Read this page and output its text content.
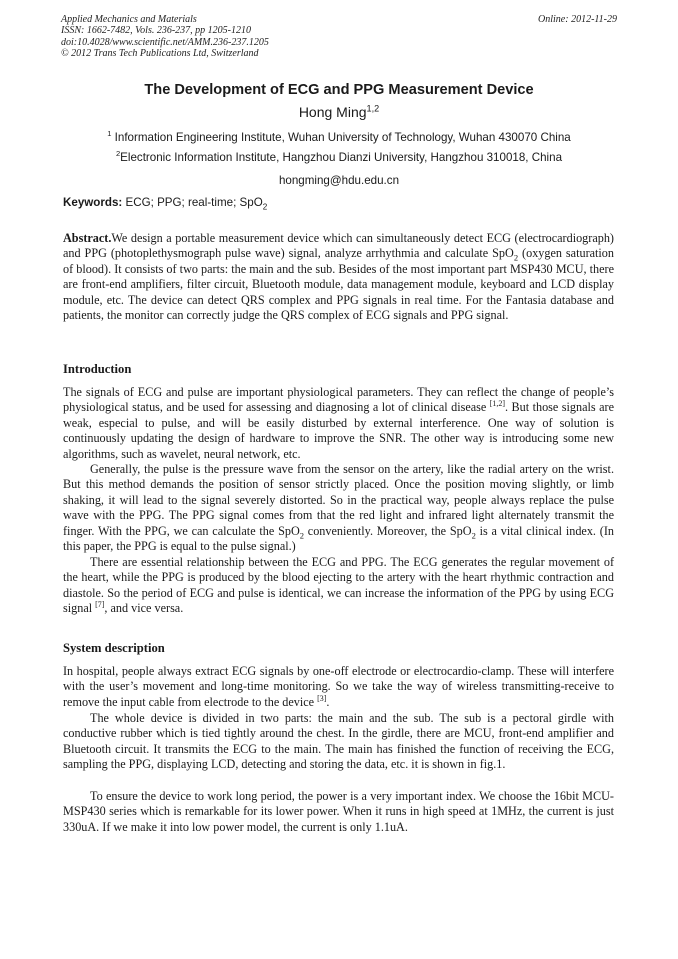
Applied Mechanics and Materials
ISSN: 1662-7482, Vols. 236-237, pp 1205-1210
doi:10.4028/www.scientific.net/AMM.236-237.1205
© 2012 Trans Tech Publications Ltd, Switzerland
Online: 2012-11-29
The Development of ECG and PPG Measurement Device
Hong Ming$^{1,2}$
$^1$ Information Engineering Institute, Wuhan University of Technology, Wuhan 430070 China
$^2$Electronic Information Institute, Hangzhou Dianzi University, Hangzhou 310018, China
hongming@hdu.edu.cn
Keywords: ECG; PPG; real-time; SpO$_2$
Abstract.We design a portable measurement device which can simultaneously detect ECG (electrocardiograph) and PPG (photoplethysmograph pulse wave) signal, analyze arrhythmia and calculate SpO$_2$ (oxygen saturation of blood). It consists of two parts: the main and the sub. Besides of the most important part MSP430 MCU, there are front-end amplifiers, filter circuit, Bluetooth module, data management module, keyboard and LCD display module, etc. The device can detect QRS complex and PPG signals in real time. For the Fantasia database and patients, the monitor can correctly judge the QRS complex of ECG signals and PPG signal.
Introduction
The signals of ECG and pulse are important physiological parameters. They can reflect the change of people’s physiological status, and be used for assessing and diagnosing a lot of clinical disease [1,2]. But those signals are weak, especial to pulse, and will be easily disturbed by external interference. One way of solution is continuously updating the design of hardware to improve the SNR. The other way is introducing some new algorithms, such as wavelet, neural network, etc.
Generally, the pulse is the pressure wave from the sensor on the artery, like the radial artery on the wrist. But this method demands the position of sensor strictly placed. Once the position moving slightly, or limb shaking, it will lead to the signal severely distorted. So in the practical way, people always replace the pulse wave with the PPG. The PPG signal comes from that the red light and infrared light alternately transmit the finger. With the PPG, we can calculate the SpO$_2$ conveniently. Moreover, the SpO$_2$ is a vital clinical index. (In this paper, the PPG is equal to the pulse signal.)
There are essential relationship between the ECG and PPG. The ECG generates the regular movement of the heart, while the PPG is produced by the blood ejecting to the artery with the heart rhythmic contraction and diastole. So the period of ECG and pulse is identical, we can increase the information of the PPG by using ECG signal [7], and vice versa.
System description
In hospital, people always extract ECG signals by one-off electrode or electrocardio-clamp. These will interfere with the user’s movement and long-time monitoring. So we take the way of wireless transmitting-receive to remove the input cable from electrode to the device [3].
The whole device is divided in two parts: the main and the sub. The sub is a pectoral girdle with conductive rubber which is tied tightly around the chest. In the girdle, there are MCU, front-end amplifier and Bluetooth circuit. It transmits the ECG to the main. The main has finished the function of receiving the ECG, sampling the PPG, displaying LCD, detecting and storing the data, etc. it is shown in fig.1.
To ensure the device to work long period, the power is a very important index. We choose the 16bit MCU-MSP430 series which is remarkable for its lower power. When it runs in high speed at 1MHz, the current is just 330uA. If we make it into low power model, the current is only 1.1uA.
